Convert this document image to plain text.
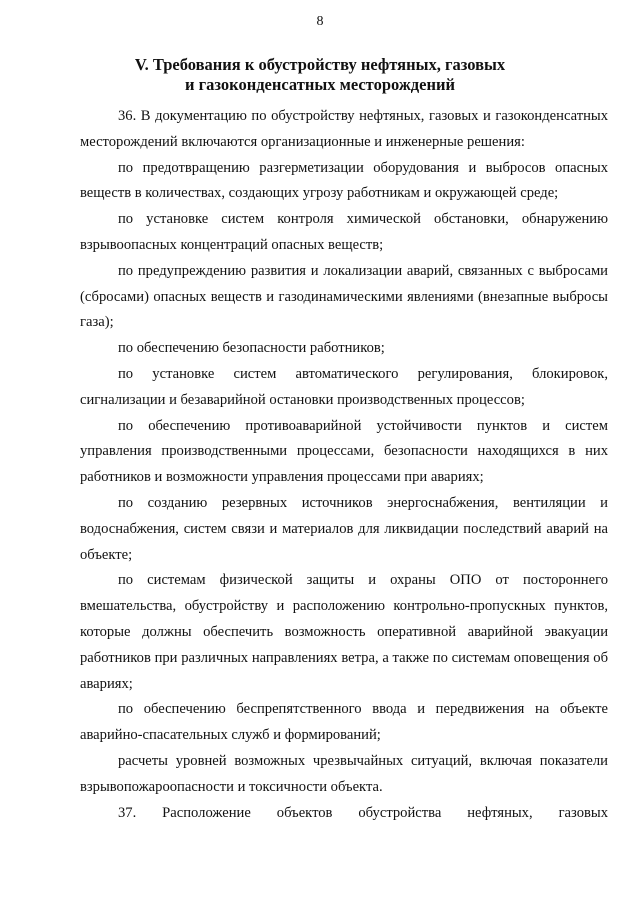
8
V. Требования к обустройству нефтяных, газовых
и газоконденсатных месторождений

36. В документацию по обустройству нефтяных, газовых и газоконденсатных месторождений включаются организационные и инженерные решения:

по предотвращению разгерметизации оборудования и выбросов опасных веществ в количествах, создающих угрозу работникам и окружающей среде;

по установке систем контроля химической обстановки, обнаружению взрывоопасных концентраций опасных веществ;

по предупреждению развития и локализации аварий, связанных с выбросами (сбросами) опасных веществ и газодинамическими явлениями (внезапные выбросы газа);

по обеспечению безопасности работников;

по установке систем автоматического регулирования, блокировок, сигнализации и безаварийной остановки производственных процессов;

по обеспечению противоаварийной устойчивости пунктов и систем управления производственными процессами, безопасности находящихся в них работников и возможности управления процессами при авариях;

по созданию резервных источников энергоснабжения, вентиляции и водоснабжения, систем связи и материалов для ликвидации последствий аварий на объекте;

по системам физической защиты и охраны ОПО от постороннего вмешательства, обустройству и расположению контрольно-пропускных пунктов, которые должны обеспечить возможность оперативной аварийной эвакуации работников при различных направлениях ветра, а также по системам оповещения об авариях;

по обеспечению беспрепятственного ввода и передвижения на объекте аварийно-спасательных служб и формирований;

расчеты уровней возможных чрезвычайных ситуаций, включая показатели взрывопожароопасности и токсичности объекта.

37. Расположение объектов обустройства нефтяных, газовых
